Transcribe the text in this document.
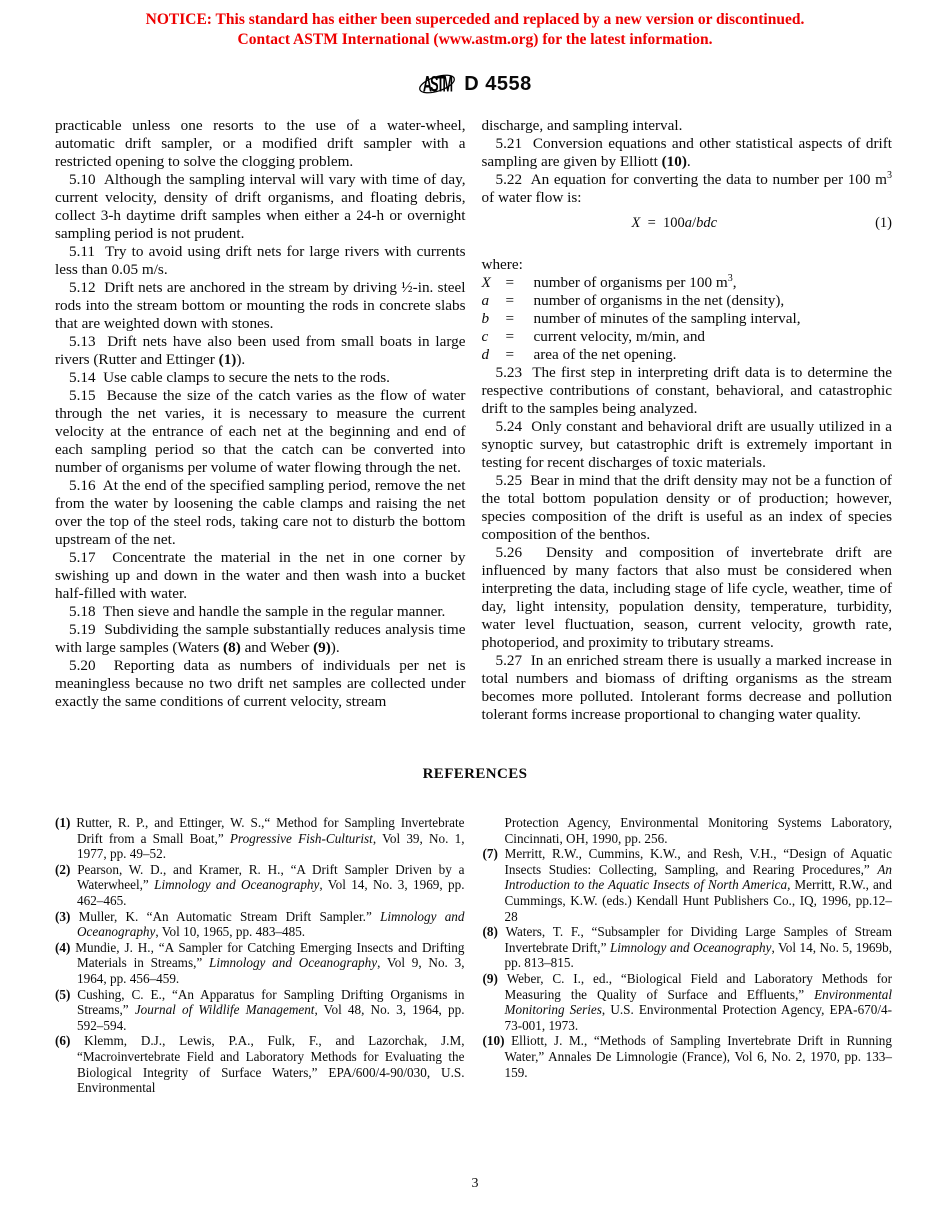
NOTICE: This standard has either been superceded and replaced by a new version or discontinued.
Contact ASTM International (www.astm.org) for the latest information.
ASTM D 4558

practicable unless one resorts to the use of a water-wheel, automatic drift sampler, or a modified drift sampler with a restricted opening to solve the clogging problem.

5.10  Although the sampling interval will vary with time of day, current velocity, density of drift organisms, and floating debris, collect 3-h daytime drift samples when either a 24-h or overnight sampling period is not prudent.

5.11  Try to avoid using drift nets for large rivers with currents less than 0.05 m/s.

5.12  Drift nets are anchored in the stream by driving ½-in. steel rods into the stream bottom or mounting the rods in concrete slabs that are weighted down with stones.

5.13  Drift nets have also been used from small boats in large rivers (Rutter and Ettinger (1)).

5.14  Use cable clamps to secure the nets to the rods.

5.15  Because the size of the catch varies as the flow of water through the net varies, it is necessary to measure the current velocity at the entrance of each net at the beginning and end of each sampling period so that the catch can be converted into number of organisms per volume of water flowing through the net.

5.16  At the end of the specified sampling period, remove the net from the water by loosening the cable clamps and raising the net over the top of the steel rods, taking care not to disturb the bottom upstream of the net.

5.17  Concentrate the material in the net in one corner by swishing up and down in the water and then wash into a bucket half-filled with water.

5.18  Then sieve and handle the sample in the regular manner.

5.19  Subdividing the sample substantially reduces analysis time with large samples (Waters (8) and Weber (9)).

5.20  Reporting data as numbers of individuals per net is meaningless because no two drift net samples are collected under exactly the same conditions of current velocity, stream

discharge, and sampling interval.

5.21  Conversion equations and other statistical aspects of drift sampling are given by Elliott (10).

5.22  An equation for converting the data to number per 100 $m^3$ of water flow is:

X  =  100a/bdc	(1)

where:

X =	number of organisms per 100 $m^3$,
a	=	number of organisms in the net (density),
b	=	number of minutes of the sampling interval,
c	=	current velocity, m/min, and
d	=	area of the net opening.

5.23  The first step in interpreting drift data is to determine the respective contributions of constant, behavioral, and catastrophic drift to the samples being analyzed.

5.24  Only constant and behavioral drift are usually utilized in a synoptic survey, but catastrophic drift is extremely important in testing for recent discharges of toxic materials.

5.25  Bear in mind that the drift density may not be a function of the total bottom population density or of production; however, species composition of the drift is useful as an index of species composition of the benthos.

5.26  Density and composition of invertebrate drift are influenced by many factors that also must be considered when interpreting the data, including stage of life cycle, weather, time of day, light intensity, population density, temperature, turbidity, water level fluctuation, season, current velocity, growth rate, photoperiod, and proximity to tributary streams.

5.27  In an enriched stream there is usually a marked increase in total numbers and biomass of drifting organisms as the stream becomes more polluted. Intolerant forms decrease and pollution tolerant forms increase proportional to changing water quality.

REFERENCES

(1) Rutter, R. P., and Ettinger, W. S.,“ Method for Sampling Invertebrate Drift from a Small Boat,” Progressive Fish-Culturist, Vol 39, No. 1, 1977, pp. 49–52.

(2) Pearson, W. D., and Kramer, R. H., “A Drift Sampler Driven by a Waterwheel,” Limnology and Oceanography, Vol 14, No. 3, 1969, pp. 462–465.

(3) Muller, K. “An Automatic Stream Drift Sampler.” Limnology and Oceanography, Vol 10, 1965, pp. 483–485.

(4) Mundie, J. H., “A Sampler for Catching Emerging Insects and Drifting Materials in Streams,” Limnology and Oceanography, Vol 9, No. 3, 1964, pp. 456–459.

(5) Cushing, C. E., “An Apparatus for Sampling Drifting Organisms in Streams,” Journal of Wildlife Management, Vol 48, No. 3, 1964, pp. 592–594.

(6) Klemm, D.J., Lewis, P.A., Fulk, F., and Lazorchak, J.M, “Macroinvertebrate Field and Laboratory Methods for Evaluating the Biological Integrity of Surface Waters,” EPA/600/4-90/030, U.S. Environmental

Protection Agency, Environmental Monitoring Systems Laboratory, Cincinnati, OH, 1990, pp. 256.

(7) Merritt, R.W., Cummins, K.W., and Resh, V.H., “Design of Aquatic Insects Studies: Collecting, Sampling, and Rearing Procedures,” An Introduction to the Aquatic Insects of North America, Merritt, R.W., and Cummings, K.W. (eds.) Kendall Hunt Publishers Co., IQ, 1996, pp.12–28

(8) Waters, T. F., “Subsampler for Dividing Large Samples of Stream Invertebrate Drift,” Limnology and Oceanography, Vol 14, No. 5, 1969b, pp. 813–815.

(9) Weber, C. I., ed., “Biological Field and Laboratory Methods for Measuring the Quality of Surface and Effluents,” Environmental Monitoring Series, U.S. Environmental Protection Agency, EPA-670/4-73-001, 1973.

(10) Elliott, J. M., “Methods of Sampling Invertebrate Drift in Running Water,” Annales De Limnologie (France), Vol 6, No. 2, 1970, pp. 133–159.

3
